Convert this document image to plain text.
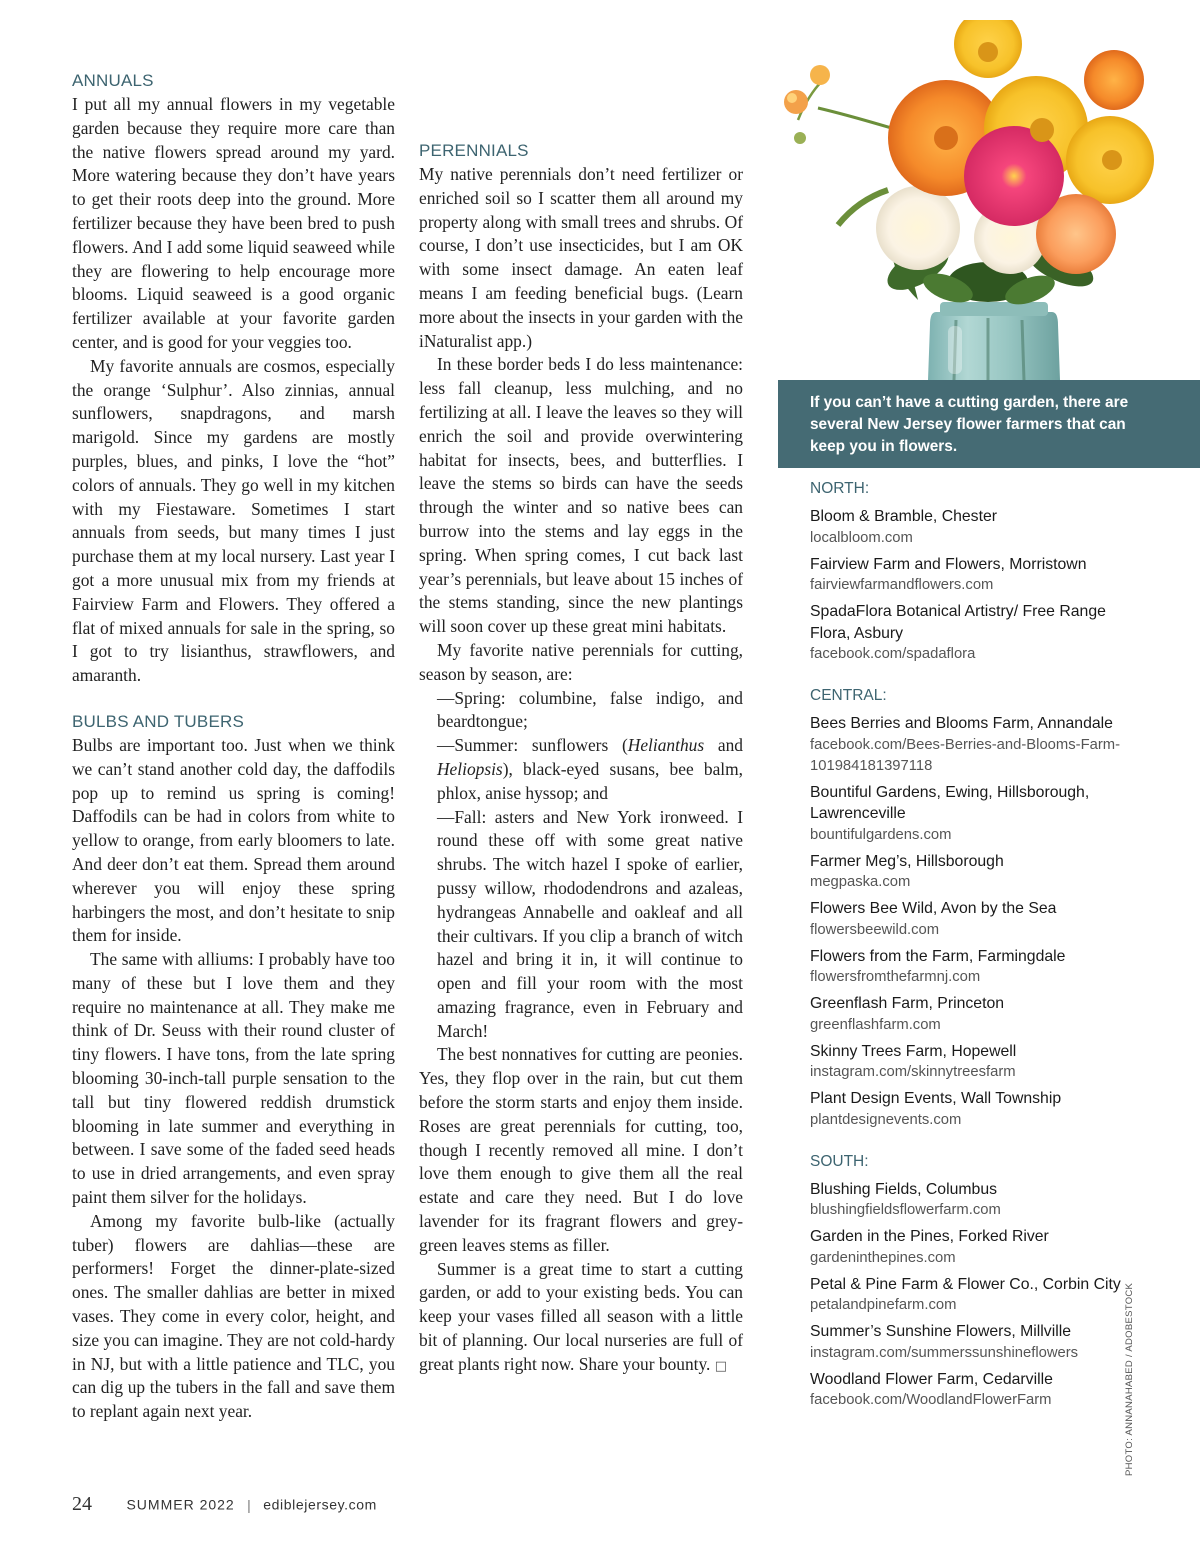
ANNUALS

I put all my annual flowers in my vegetable garden because they require more care than the native flowers spread around my yard. More watering because they don’t have years to get their roots deep into the ground. More fertilizer because they have been bred to push flowers. And I add some liquid seaweed while they are flowering to help encourage more blooms. Liquid seaweed is a good organic fertilizer available at your favorite garden center, and is good for your veggies too.

My favorite annuals are cosmos, especially the orange ‘Sulphur’. Also zinnias, annual sunflowers, snapdragons, and marsh marigold. Since my gardens are mostly purples, blues, and pinks, I love the “hot” colors of annuals. They go well in my kitchen with my Fiestaware. Sometimes I start annuals from seeds, but many times I just purchase them at my local nursery. Last year I got a more unusual mix from my friends at Fairview Farm and Flowers. They offered a flat of mixed annuals for sale in the spring, so I got to try lisianthus, strawflowers, and amaranth.

BULBS AND TUBERS

Bulbs are important too. Just when we think we can’t stand another cold day, the daffodils pop up to remind us spring is coming! Daffodils can be had in colors from white to yellow to orange, from early bloomers to late. And deer don’t eat them. Spread them around wherever you will enjoy these spring harbingers the most, and don’t hesitate to snip them for inside.

The same with alliums: I probably have too many of these but I love them and they require no maintenance at all. They make me think of Dr. Seuss with their round cluster of tiny flowers. I have tons, from the late spring blooming 30-inch-tall purple sensation to the tall but tiny flowered reddish drumstick blooming in late summer and everything in between. I save some of the faded seed heads to use in dried arrangements, and even spray paint them silver for the holidays.

Among my favorite bulb-like (actually tuber) flowers are dahlias—these are performers! Forget the dinner-plate-sized ones. The smaller dahlias are better in mixed vases. They come in every color, height, and size you can imagine. They are not cold-hardy in NJ, but with a little patience and TLC, you can dig up the tubers in the fall and save them to replant again next year.

PERENNIALS

My native perennials don’t need fertilizer or enriched soil so I scatter them all around my property along with small trees and shrubs. Of course, I don’t use insecticides, but I am OK with some insect damage. An eaten leaf means I am feeding beneficial bugs. (Learn more about the insects in your garden with the iNaturalist app.)

In these border beds I do less maintenance: less fall cleanup, less mulching, and no fertilizing at all. I leave the leaves so they will enrich the soil and provide overwintering habitat for insects, bees, and butterflies. I leave the stems so birds can have the seeds through the winter and so native bees can burrow into the stems and lay eggs in the spring. When spring comes, I cut back last year’s perennials, but leave about 15 inches of the stems standing, since the new plantings will soon cover up these great mini habitats.

My favorite native perennials for cutting, season by season, are:

—Spring: columbine, false indigo, and beardtongue;

—Summer: sunflowers (Helianthus and Heliopsis), black-eyed susans, bee balm, phlox, anise hyssop; and

—Fall: asters and New York ironweed. I round these off with some great native shrubs. The witch hazel I spoke of earlier, pussy willow, rhododendrons and azaleas, hydrangeas Annabelle and oakleaf and all their cultivars. If you clip a branch of witch hazel and bring it in, it will continue to open and fill your room with the most amazing fragrance, even in February and March!

The best nonnatives for cutting are peonies. Yes, they flop over in the rain, but cut them before the storm starts and enjoy them inside. Roses are great perennials for cutting, too, though I recently removed all mine. I don’t love them enough to give them all the real estate and care they need. But I do love lavender for its fragrant flowers and grey-green leaves stems as filler.

Summer is a great time to start a cutting garden, or add to your existing beds. You can keep your vases filled all season with a little bit of planning. Our local nurseries are full of great plants right now. Share your bounty. □

If you can’t have a cutting garden, there are several New Jersey flower farmers that can keep you in flowers.
NORTH:
Bloom & Bramble, Chester
localbloom.com
Fairview Farm and Flowers, Morristown
fairviewfarmandflowers.com
SpadaFlora Botanical Artistry/ Free Range Flora, Asbury
facebook.com/spadaflora
CENTRAL:
Bees Berries and Blooms Farm, Annandale
facebook.com/Bees-Berries-and-Blooms-Farm-101984181397118
Bountiful Gardens, Ewing, Hillsborough, Lawrenceville
bountifulgardens.com
Farmer Meg’s, Hillsborough
megpaska.com
Flowers Bee Wild, Avon by the Sea
flowersbeewild.com
Flowers from the Farm, Farmingdale
flowersfromthefarmnj.com
Greenflash Farm, Princeton
greenflashfarm.com
Skinny Trees Farm, Hopewell
instagram.com/skinnytreesfarm
Plant Design Events, Wall Township
plantdesignevents.com
SOUTH:
Blushing Fields, Columbus
blushingfieldsflowerfarm.com
Garden in the Pines, Forked River
gardeninthepines.com
Petal & Pine Farm & Flower Co., Corbin City
petalandpinefarm.com
Summer’s Sunshine Flowers, Millville
instagram.com/summerssunshineflowers
Woodland Flower Farm, Cedarville
facebook.com/WoodlandFlowerFarm	PHOTO: ANNANAHABED / ADOBESTOCK
24 SUMMER 2022 | ediblejersey.com
